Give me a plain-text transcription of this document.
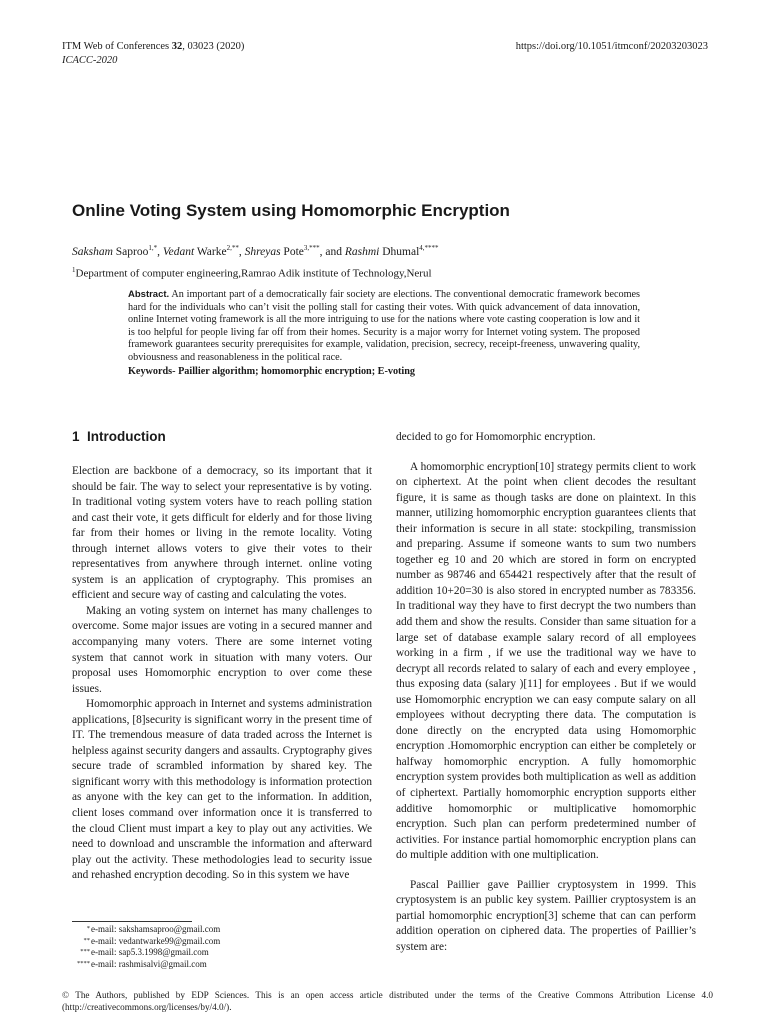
ITM Web of Conferences 32, 03023 (2020)
ICACC-2020
https://doi.org/10.1051/itmconf/20203203023
Online Voting System using Homomorphic Encryption
Saksham Saproo$^{1,*}$, Vedant Warke$^{2,**}$, Shreyas Pote$^{3,***}$, and Rashmi Dhumal$^{4,****}$
$^1$Department of computer engineering,Ramrao Adik institute of Technology,Nerul
Abstract. An important part of a democratically fair society are elections. The conventional democratic framework becomes hard for the individuals who can’t visit the polling stall for casting their votes. With quick advancement of data innovation, online Internet voting framework is all the more intriguing to use for the nations where vote casting cooperation is low and it is too helpful for people living far off from their homes. Security is a major worry for Internet voting system. The proposed framework guarantees security prerequisites for example, validation, precision, secrecy, receipt-freeness, unwavering quality, obviousness and reasonableness in the political race.
Keywords- Paillier algorithm; homomorphic encryption; E-voting
1 Introduction

Election are backbone of a democracy, so its important that it should be fair. The way to select your representative is by voting. In traditional voting system voters have to reach polling station and cast their vote, it gets difficult for elderly and for those living far from their homes or living in the remote locality. Voting through internet allows voters to give their votes to their representatives from anywhere through internet. online voting system is an application of cryptography. This promises an efficient and secure way of casting and calculating the votes.

Making an voting system on internet has many challenges to overcome. Some major issues are voting in a secured manner and accompanying many voters. There are some internet voting system that cannot work in situation with many voters. Our proposal uses Homomorphic encryption to over come these issues.

Homomorphic approach in Internet and systems administration applications, [8]security is significant worry in the present time of IT. The tremendous measure of data traded across the Internet is helpless against security dangers and assaults. Cryptography gives secure trade of scrambled information by shared key. The significant worry with this methodology is information protection as anyone with the key can get to the information. In addition, client loses command over information once it is transferred to the cloud Client must impart a key to play out any activities. We need to download and unscramble the information and afterward play out the activity. These methodologies lead to security issue and rehashed encryption decoding. So in this system we have

decided to go for Homomorphic encryption.

A homomorphic encryption[10] strategy permits client to work on ciphertext. At the point when client decodes the resultant figure, it is same as though tasks are done on plaintext. In this manner, utilizing homomorphic encryption guarantees clients that their information is secure in all state: stockpiling, transmission and preparing. Assume if someone wants to sum two numbers together eg 10 and 20 which are stored in form on encrypted number as 98746 and 654421 respectively after that the result of addition 10+20=30 is also stored in encrypted number as 783356. In traditional way they have to first decrypt the two numbers than add them and show the results. Consider than same situation for a large set of database example salary record of all employees working in a firm , if we use the traditional way we have to decrypt all records related to salary of each and every employee , thus exposing data (salary )[11] for employees . But if we would use Homomorphic encryption we can easy compute salary on all employees without decrypting there data. The computation is done directly on the encrypted data using Homomorphic encryption .Homomorphic encryption can either be completely or halfway homomorphic encryption. A fully homomorphic encryption system provides both multiplication as well as addition of ciphertext. Partially homomorphic encryption supports either additive homomorphic or multiplicative homomorphic encryption. Such plan can perform predetermined number of activities. For instance partial homomorphic encryption plans can do multiple addition with one multiplication.

Pascal Paillier gave Paillier cryptosystem in 1999. This cryptosystem is an public key system. Paillier cryptosystem is an partial homomorphic encryption[3] scheme that can can perform addition operation on ciphered data. The properties of Paillier’s system are:

* e-mail: sakshamsaproo@gmail.com
** e-mail: vedantwarke99@gmail.com
*** e-mail: sap5.3.1998@gmail.com
**** e-mail: rashmisalvi@gmail.com
© The Authors, published by EDP Sciences. This is an open access article distributed under the terms of the Creative Commons Attribution License 4.0 (http://creativecommons.org/licenses/by/4.0/).
